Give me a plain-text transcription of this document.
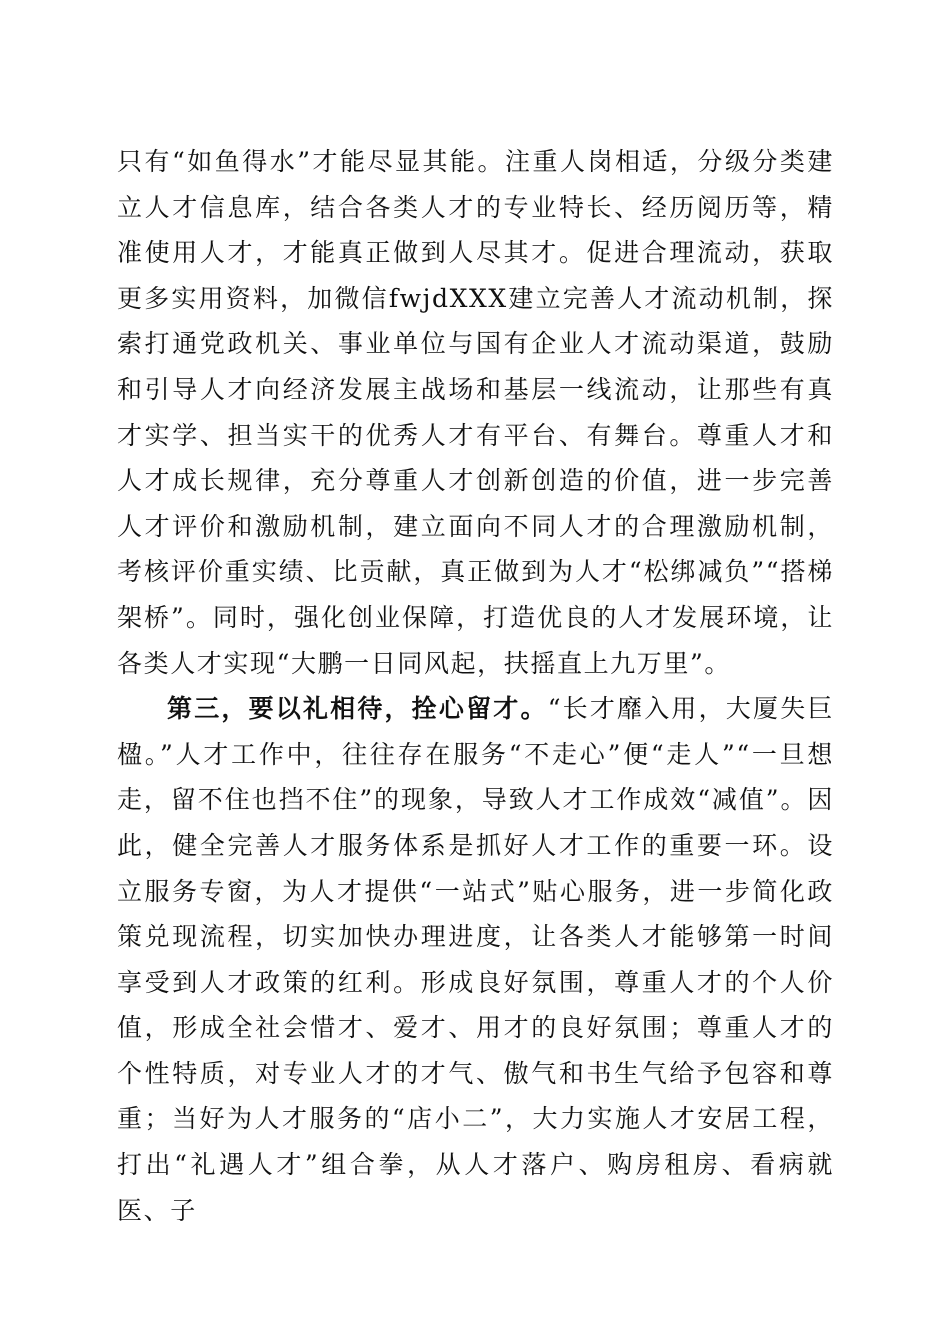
只有“如鱼得水”才能尽显其能。注重人岗相适，分级分类建立人才信息库，结合各类人才的专业特长、经历阅历等，精准使用人才，才能真正做到人尽其才。促进合理流动，获取更多实用资料，加微信fwjdXXX建立完善人才流动机制，探索打通党政机关、事业单位与国有企业人才流动渠道，鼓励和引导人才向经济发展主战场和基层一线流动，让那些有真才实学、担当实干的优秀人才有平台、有舞台。尊重人才和人才成长规律，充分尊重人才创新创造的价值，进一步完善人才评价和激励机制，建立面向不同人才的合理激励机制，考核评价重实绩、比贡献，真正做到为人才“松绑减负”“搭梯架桥”。同时，强化创业保障，打造优良的人才发展环境，让各类人才实现“大鹏一日同风起，扶摇直上九万里”。

第三，要以礼相待，拴心留才。“长才靡入用，大厦失巨楹。”人才工作中，往往存在服务“不走心”便“走人”“一旦想走，留不住也挡不住”的现象，导致人才工作成效“减值”。因此，健全完善人才服务体系是抓好人才工作的重要一环。设立服务专窗，为人才提供“一站式”贴心服务，进一步简化政策兑现流程，切实加快办理进度，让各类人才能够第一时间享受到人才政策的红利。形成良好氛围，尊重人才的个人价值，形成全社会惜才、爱才、用才的良好氛围；尊重人才的个性特质，对专业人才的才气、傲气和书生气给予包容和尊重；当好为人才服务的“店小二”，大力实施人才安居工程，打出“礼遇人才”组合拳，从人才落户、购房租房、看病就医、子
